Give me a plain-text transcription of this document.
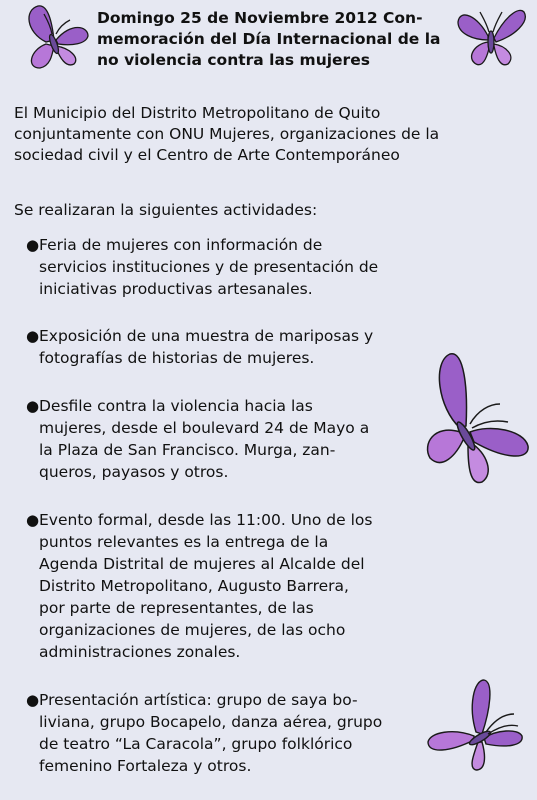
Domingo 25 de Noviembre 2012 Con-
memoración del Día Internacional de la
no violencia contra las mujeres

El Municipio del Distrito Metropolitano de Quito
conjuntamente con ONU Mujeres, organizaciones de la
sociedad civil y el Centro de Arte Contemporáneo

Se realizaran la siguientes actividades:

● Feria de mujeres con información de
servicios instituciones y de presentación de
iniciativas productivas artesanales.
● Exposición de una muestra de mariposas y
fotografías de historias de mujeres.
● Desfile contra la violencia hacia las
mujeres, desde el boulevard 24 de Mayo a
la Plaza de San Francisco. Murga, zan-
queros, payasos y otros.
● Evento formal, desde las 11:00. Uno de los
puntos relevantes es la entrega de la
Agenda Distrital de mujeres al Alcalde del
Distrito Metropolitano, Augusto Barrera,
por parte de representantes, de las
organizaciones de mujeres, de las ocho
administraciones zonales.
● Presentación artística: grupo de saya bo-
liviana, grupo Bocapelo, danza aérea, grupo
de teatro “La Caracola”, grupo folklórico
femenino Fortaleza y otros.
